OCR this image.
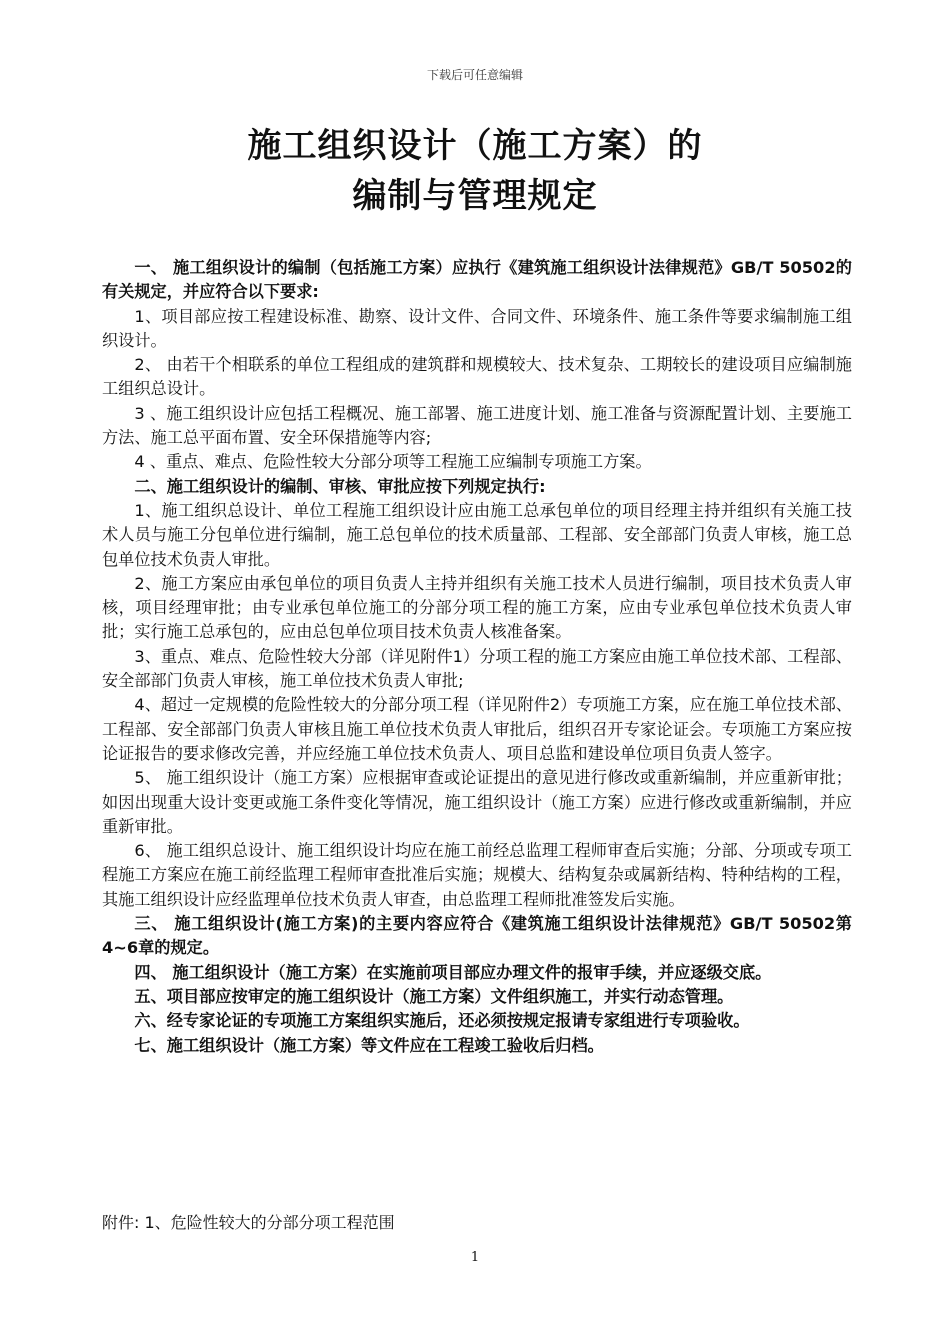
下载后可任意编辑
施工组织设计（施工方案）的
编制与管理规定

一、 施工组织设计的编制（包括施工方案）应执行《建筑施工组织设计法律规范》GB/T 50502的有关规定，并应符合以下要求:

1、项目部应按工程建设标准、勘察、设计文件、合同文件、环境条件、施工条件等要求编制施工组织设计。

2、 由若干个相联系的单位工程组成的建筑群和规模较大、技术复杂、工期较长的建设项目应编制施工组织总设计。

3 、施工组织设计应包括工程概况、施工部署、施工进度计划、施工准备与资源配置计划、主要施工方法、施工总平面布置、安全环保措施等内容;

4 、重点、难点、危险性较大分部分项等工程施工应编制专项施工方案。

二、施工组织设计的编制、审核、审批应按下列规定执行:

1、施工组织总设计、单位工程施工组织设计应由施工总承包单位的项目经理主持并组织有关施工技术人员与施工分包单位进行编制，施工总包单位的技术质量部、工程部、安全部部门负责人审核，施工总包单位技术负责人审批。

2、施工方案应由承包单位的项目负责人主持并组织有关施工技术人员进行编制，项目技术负责人审核，项目经理审批；由专业承包单位施工的分部分项工程的施工方案，应由专业承包单位技术负责人审批；实行施工总承包的，应由总包单位项目技术负责人核准备案。

3、重点、难点、危险性较大分部（详见附件1）分项工程的施工方案应由施工单位技术部、工程部、安全部部门负责人审核，施工单位技术负责人审批;

4、超过一定规模的危险性较大的分部分项工程（详见附件2）专项施工方案，应在施工单位技术部、工程部、安全部部门负责人审核且施工单位技术负责人审批后，组织召开专家论证会。专项施工方案应按论证报告的要求修改完善，并应经施工单位技术负责人、项目总监和建设单位项目负责人签字。

5、 施工组织设计（施工方案）应根据审查或论证提出的意见进行修改或重新编制，并应重新审批；如因出现重大设计变更或施工条件变化等情况，施工组织设计（施工方案）应进行修改或重新编制，并应重新审批。

6、 施工组织总设计、施工组织设计均应在施工前经总监理工程师审查后实施；分部、分项或专项工程施工方案应在施工前经监理工程师审查批准后实施；规模大、结构复杂或属新结构、特种结构的工程，其施工组织设计应经监理单位技术负责人审查，由总监理工程师批准签发后实施。

三、 施工组织设计(施工方案)的主要内容应符合《建筑施工组织设计法律规范》GB/T 50502第4~6章的规定。

四、 施工组织设计（施工方案）在实施前项目部应办理文件的报审手续，并应逐级交底。

五、项目部应按审定的施工组织设计（施工方案）文件组织施工，并实行动态管理。

六、经专家论证的专项施工方案组织实施后，还必须按规定报请专家组进行专项验收。

七、施工组织设计（施工方案）等文件应在工程竣工验收后归档。

附件: 1、危险性较大的分部分项工程范围
1
